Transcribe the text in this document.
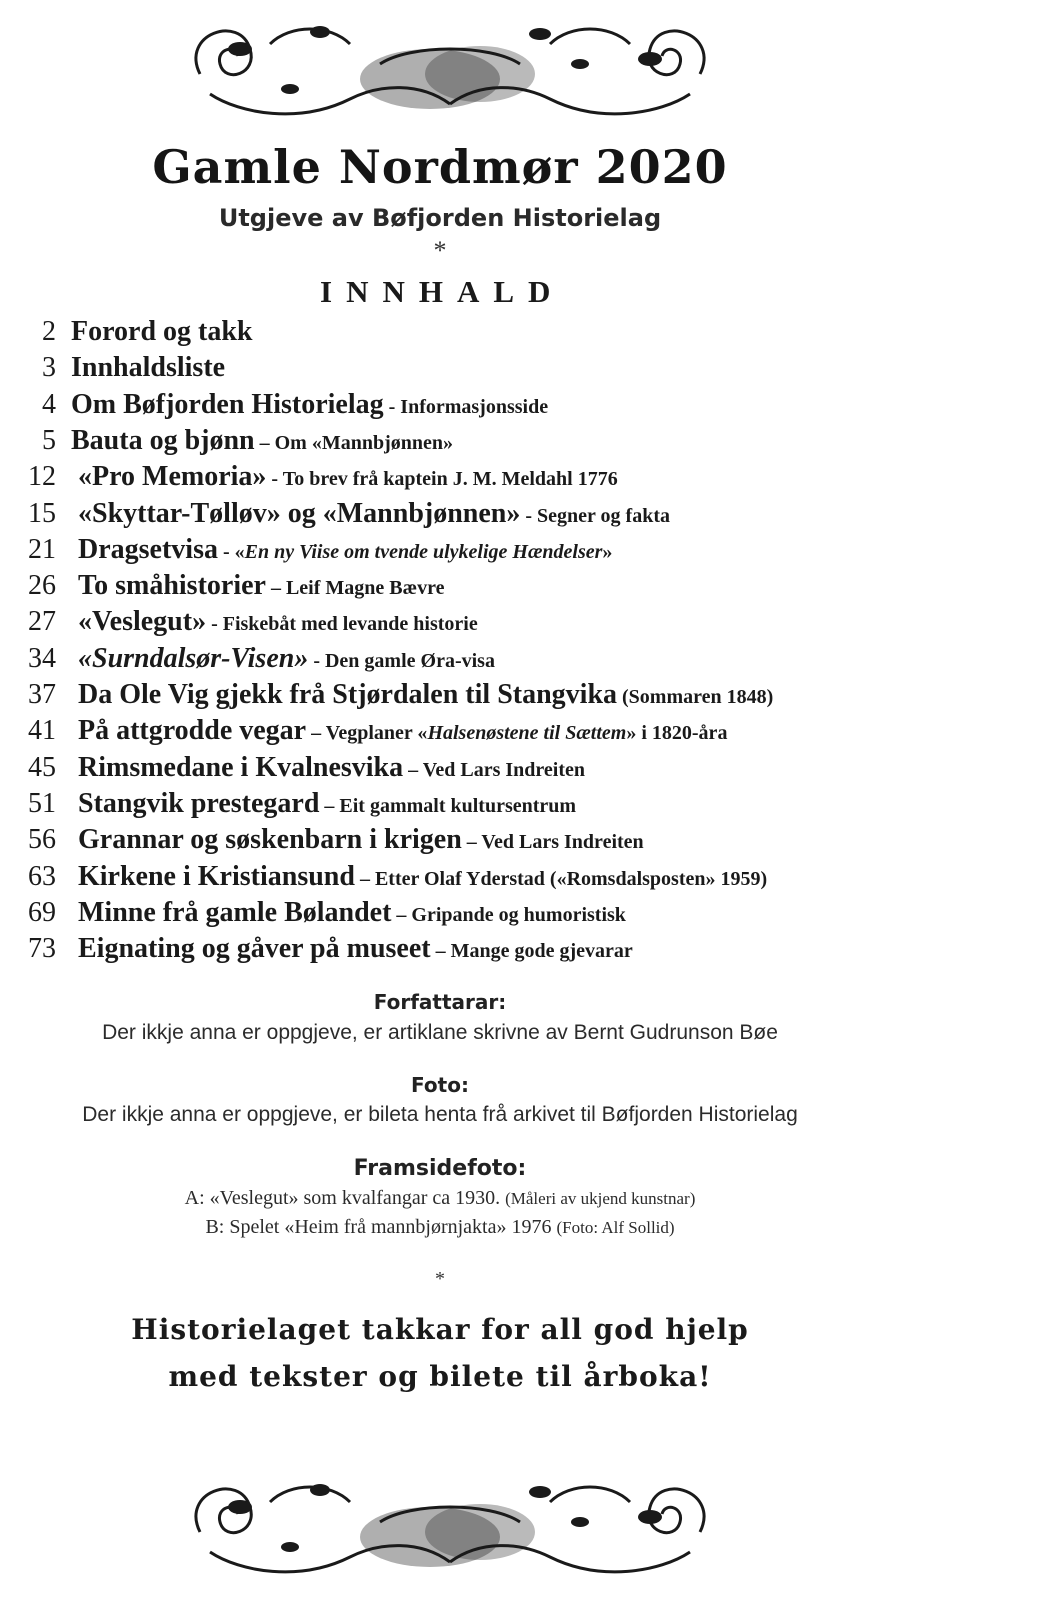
Gamle Nordmør 2020
Utgjeve av Bøfjorden Historielag
*
INNHALD
2 Forord og takk
3 Innhaldsliste
4 Om Bøfjorden Historielag - Informasjonsside
5 Bauta og bjønn – Om «Mannbjønnen»
12 «Pro Memoria» - To brev frå kaptein J. M. Meldahl 1776
15 «Skyttar-Tølløv» og «Mannbjønnen» - Segner og fakta
21 Dragsetvisa - «En ny Viise om tvende ulykelige Hændelser»
26 To småhistorier – Leif Magne Bævre
27 «Veslegut» - Fiskebåt med levande historie
34 «Surndalsør-Visen» - Den gamle Øra-visa
37 Da Ole Vig gjekk frå Stjørdalen til Stangvika (Sommaren 1848)
41 På attgrodde vegar – Vegplaner «Halsenøstene til Sættem» i 1820-åra
45 Rimsmedane i Kvalnesvika – Ved Lars Indreiten
51 Stangvik prestegard – Eit gammalt kultursentrum
56 Grannar og søskenbarn i krigen – Ved Lars Indreiten
63 Kirkene i Kristiansund – Etter Olaf Yderstad («Romsdalsposten» 1959)
69 Minne frå gamle Bølandet – Gripande og humoristisk
73 Eignating og gåver på museet – Mange gode gjevarar
Forfattarar:
Der ikkje anna er oppgjeve, er artiklane skrivne av Bernt Gudrunson Bøe
Foto:
Der ikkje anna er oppgjeve, er bileta henta frå arkivet til Bøfjorden Historielag
Framsidefoto:
A: «Veslegut» som kvalfangar ca 1930. (Måleri av ukjend kunstnar)
B: Spelet «Heim frå mannbjørnjakta» 1976 (Foto: Alf Sollid)
*
Historielaget takkar for all god hjelp
med tekster og bilete til årboka!
